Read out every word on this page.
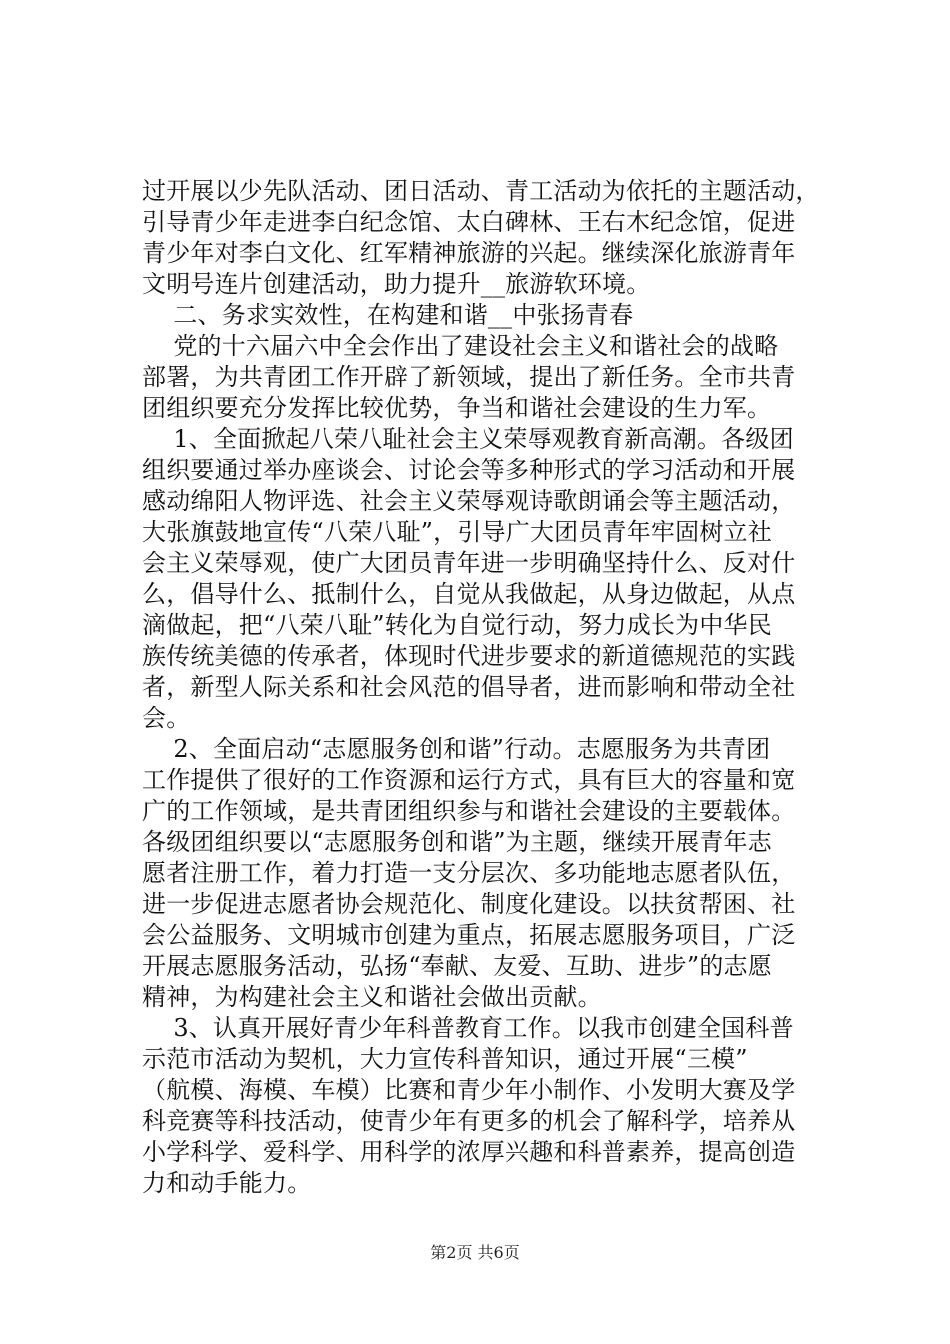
过开展以少先队活动、团日活动、青工活动为依托的主题活动，
引导青少年走进李白纪念馆、太白碑林、王右木纪念馆，促进
青少年对李白文化、红军精神旅游的兴起。继续深化旅游青年
文明号连片创建活动，助力提升__旅游软环境。
二、务求实效性，在构建和谐__中张扬青春
党的十六届六中全会作出了建设社会主义和谐社会的战略
部署，为共青团工作开辟了新领域，提出了新任务。全市共青
团组织要充分发挥比较优势，争当和谐社会建设的生力军。
1、全面掀起八荣八耻社会主义荣辱观教育新高潮。各级团
组织要通过举办座谈会、讨论会等多种形式的学习活动和开展
感动绵阳人物评选、社会主义荣辱观诗歌朗诵会等主题活动，
大张旗鼓地宣传“八荣八耻”，引导广大团员青年牢固树立社
会主义荣辱观，使广大团员青年进一步明确坚持什么、反对什
么，倡导什么、抵制什么，自觉从我做起，从身边做起，从点
滴做起，把“八荣八耻”转化为自觉行动，努力成长为中华民
族传统美德的传承者，体现时代进步要求的新道德规范的实践
者，新型人际关系和社会风范的倡导者，进而影响和带动全社
会。
2、全面启动“志愿服务创和谐”行动。志愿服务为共青团
工作提供了很好的工作资源和运行方式，具有巨大的容量和宽
广的工作领域，是共青团组织参与和谐社会建设的主要载体。
各级团组织要以“志愿服务创和谐”为主题，继续开展青年志
愿者注册工作，着力打造一支分层次、多功能地志愿者队伍，
进一步促进志愿者协会规范化、制度化建设。以扶贫帮困、社
会公益服务、文明城市创建为重点，拓展志愿服务项目，广泛
开展志愿服务活动，弘扬“奉献、友爱、互助、进步”的志愿
精神，为构建社会主义和谐社会做出贡献。
3、认真开展好青少年科普教育工作。以我市创建全国科普
示范市活动为契机，大力宣传科普知识，通过开展“三模”
（航模、海模、车模）比赛和青少年小制作、小发明大赛及学
科竞赛等科技活动，使青少年有更多的机会了解科学，培养从
小学科学、爱科学、用科学的浓厚兴趣和科普素养，提高创造
力和动手能力。
第2页 共6页
